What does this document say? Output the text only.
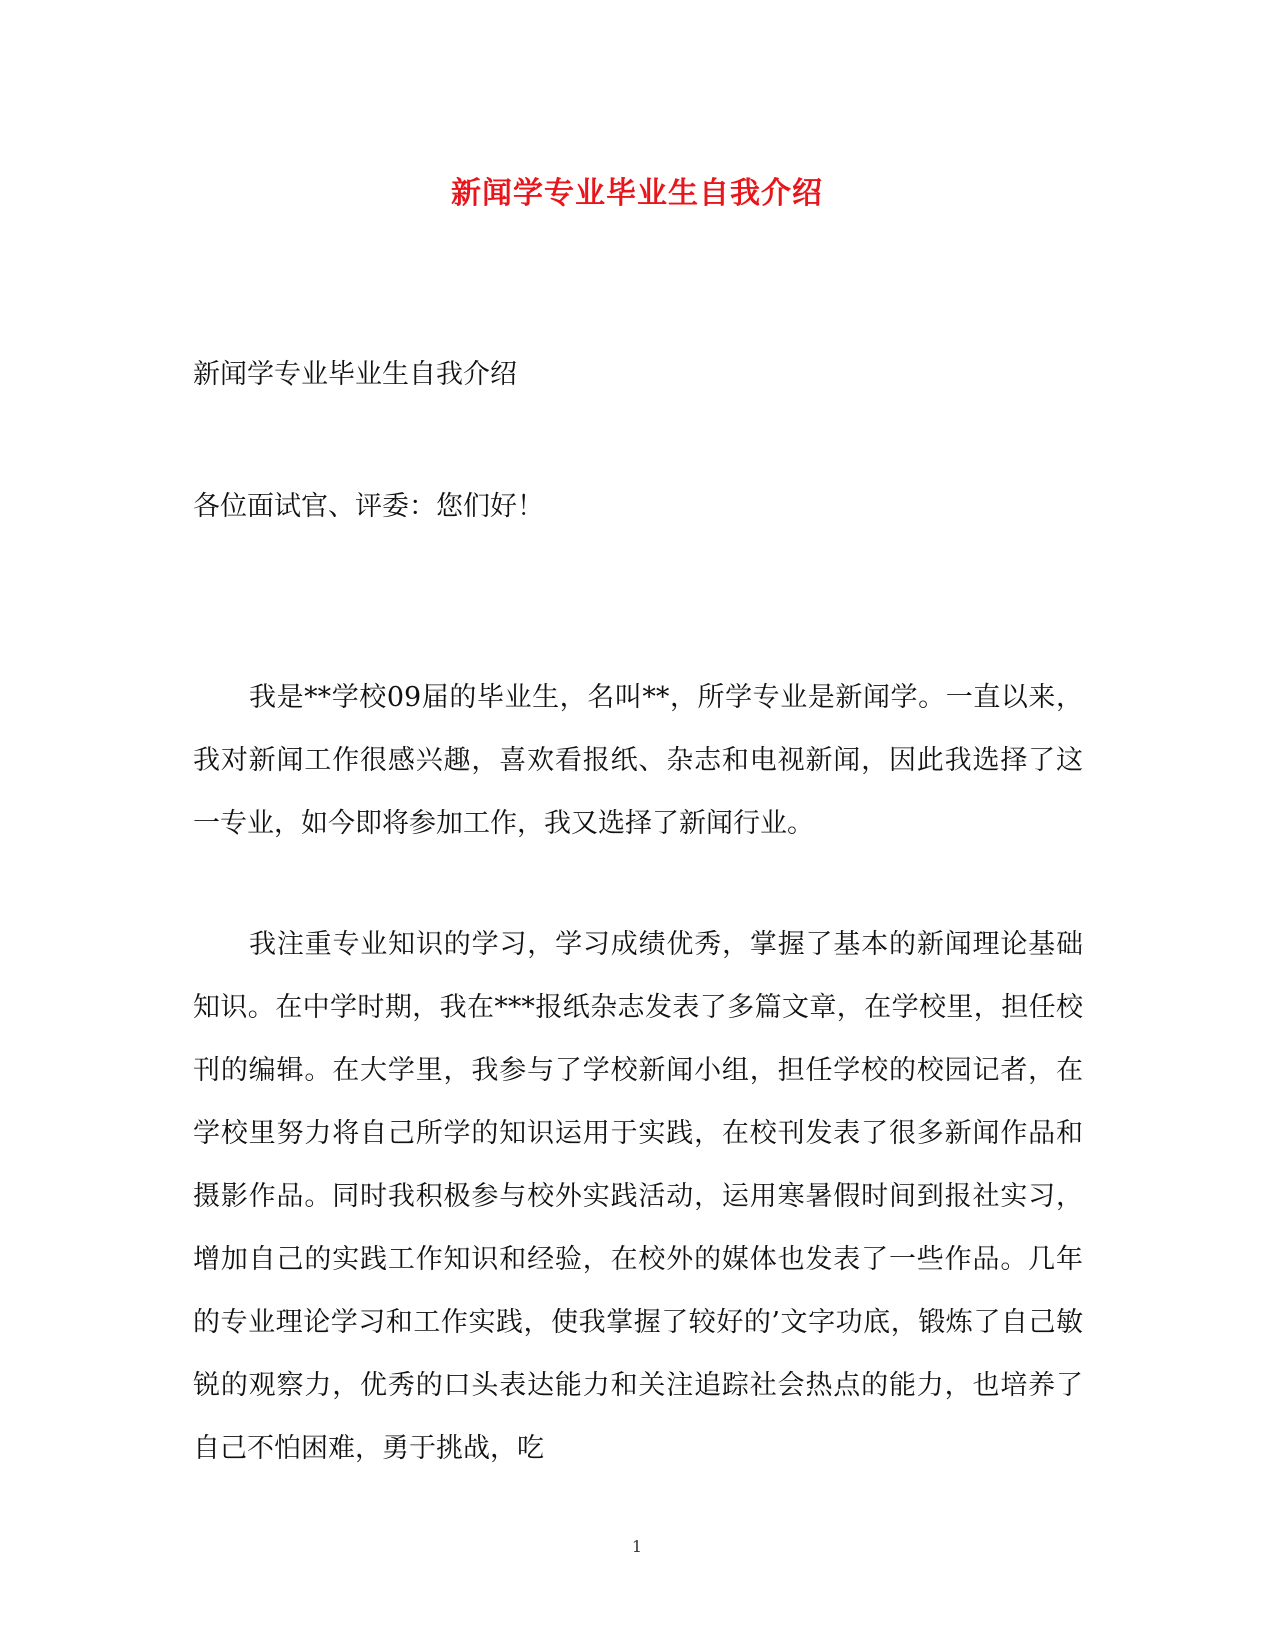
新闻学专业毕业生自我介绍
新闻学专业毕业生自我介绍
各位面试官、评委：您们好！

我是**学校09届的毕业生，名叫**，所学专业是新闻学。一直以来，我对新闻工作很感兴趣，喜欢看报纸、杂志和电视新闻，因此我选择了这一专业，如今即将参加工作，我又选择了新闻行业。

我注重专业知识的学习，学习成绩优秀，掌握了基本的新闻理论基础知识。在中学时期，我在***报纸杂志发表了多篇文章，在学校里，担任校刊的编辑。在大学里，我参与了学校新闻小组，担任学校的校园记者，在学校里努力将自己所学的知识运用于实践，在校刊发表了很多新闻作品和摄影作品。同时我积极参与校外实践活动，运用寒暑假时间到报社实习，增加自己的实践工作知识和经验，在校外的媒体也发表了一些作品。几年的专业理论学习和工作实践，使我掌握了较好的’文字功底，锻炼了自己敏锐的观察力，优秀的口头表达能力和关注追踪社会热点的能力，也培养了自己不怕困难，勇于挑战，吃

1
